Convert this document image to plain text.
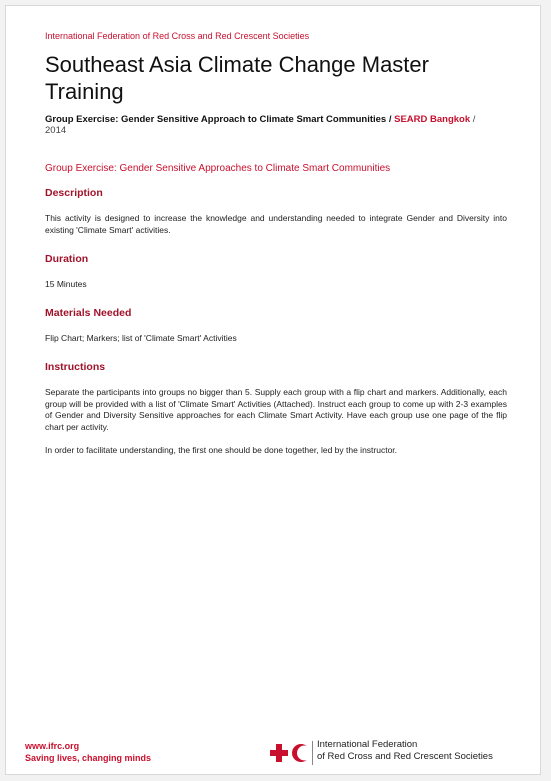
International Federation of Red Cross and Red Crescent Societies
Southeast Asia Climate Change Master Training
Group Exercise: Gender Sensitive Approach to Climate Smart Communities / SEARD Bangkok / 2014
Group Exercise: Gender Sensitive Approaches to Climate Smart Communities
Description
This activity is designed to increase the knowledge and understanding needed to integrate Gender and Diversity into existing 'Climate Smart' activities.
Duration
15 Minutes
Materials Needed
Flip Chart; Markers; list of 'Climate Smart' Activities
Instructions
Separate the participants into groups no bigger than 5. Supply each group with a flip chart and markers. Additionally, each group will be provided with a list of 'Climate Smart' Activities (Attached). Instruct each group to come up with 2-3 examples of Gender and Diversity Sensitive approaches for each Climate Smart Activity. Have each group use one page of the flip chart per activity.
In order to facilitate understanding, the first one should be done together, led by the instructor.
www.ifrc.org
Saving lives, changing minds
International Federation
of Red Cross and Red Crescent Societies
